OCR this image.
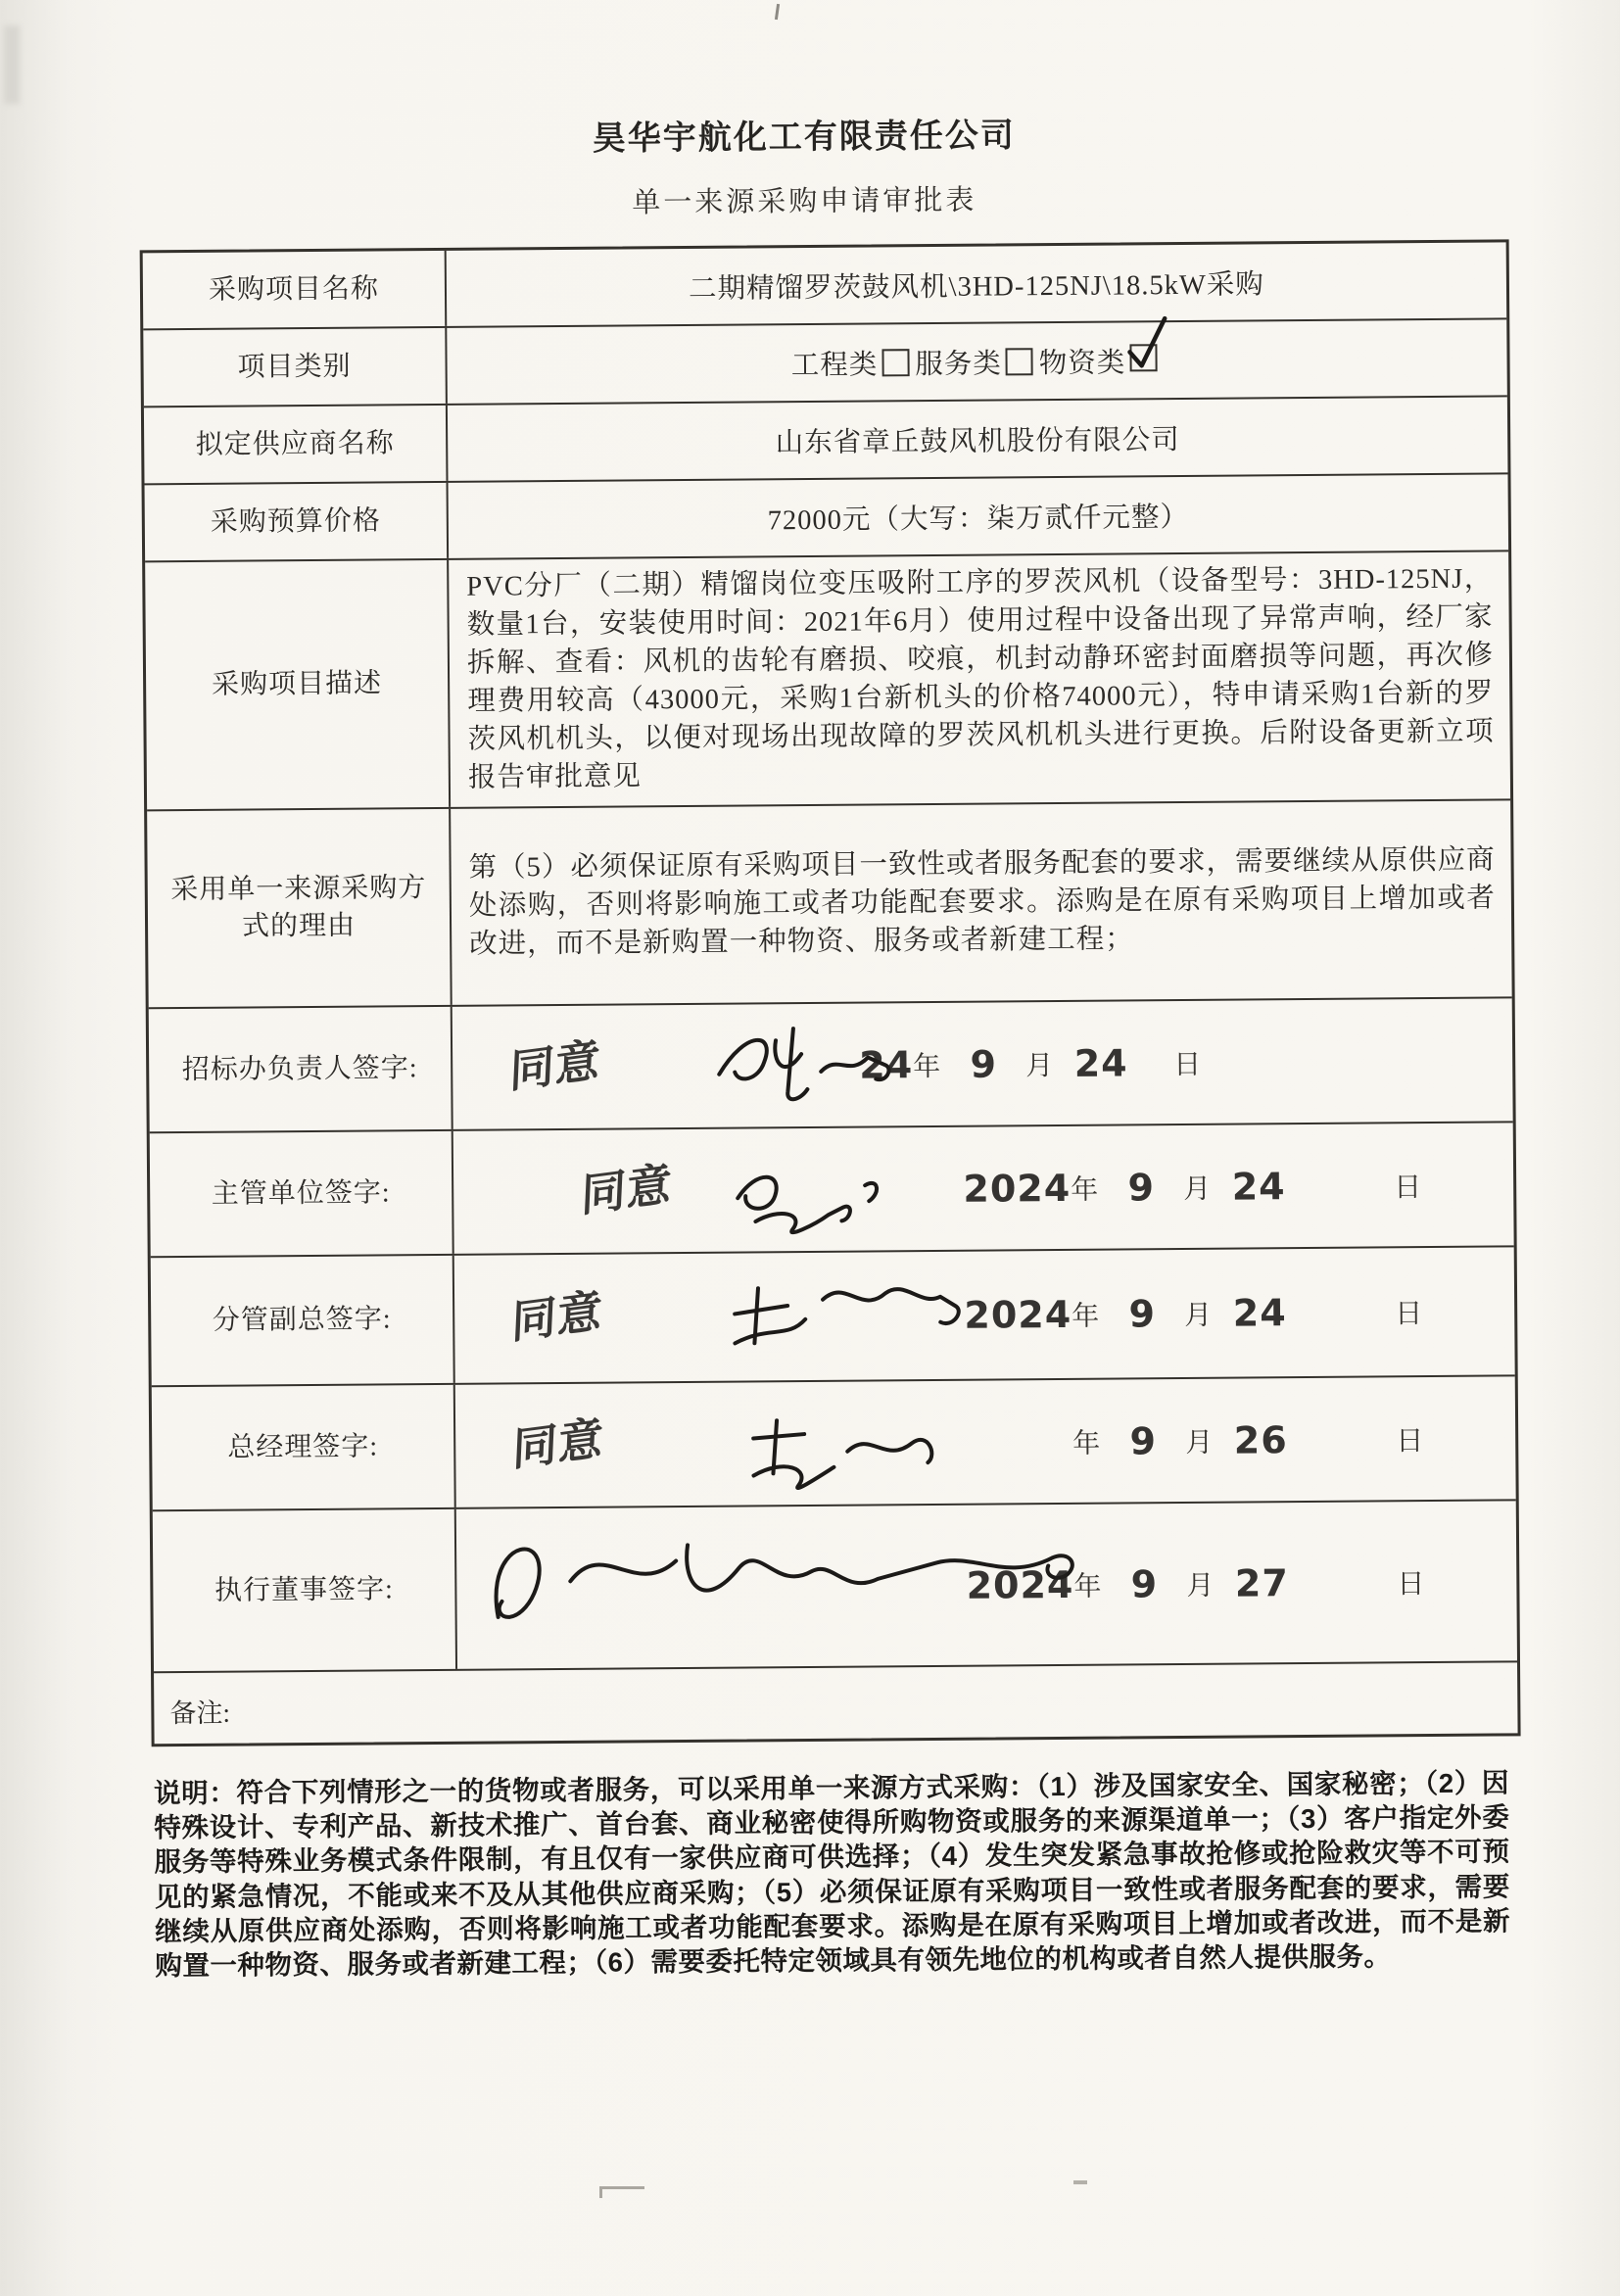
昊华宇航化工有限责任公司
单一来源采购申请审批表
采购项目名称	二期精馏罗茨鼓风机\3HD-125NJ\18.5kW采购
项目类别	工程类 服务类 物资类
拟定供应商名称	山东省章丘鼓风机股份有限公司
采购预算价格	72000元（大写：柒万贰仟元整）
采购项目描述
PVC分厂（二期）精馏岗位变压吸附工序的罗茨风机（设备型号：3HD-125NJ，数量1台，安装使用时间：2021年6月）使用过程中设备出现了异常声响，经厂家拆解、查看：风机的齿轮有磨损、咬痕，机封动静环密封面磨损等问题，再次修理费用较高（43000元，采购1台新机头的价格74000元），特申请采购1台新的罗茨风机机头，以便对现场出现故障的罗茨风机机头进行更换。后附设备更新立项报告审批意见
采用单一来源采购方式的理由
第（5）必须保证原有采购项目一致性或者服务配套的要求，需要继续从原供应商处添购，否则将影响施工或者功能配套要求。添购是在原有采购项目上增加或者改进，而不是新购置一种物资、服务或者新建工程；
招标办负责人签字:	同意	24 年 9	月 24	日
主管单位签字:	同意	2024 年 9	月 24	日
分管副总签字:	同意	2024 年 9	月 24	日
总经理签字:	同意	年 9	月 26	日
执行董事签字:	2024 年 9	月 27	日
备注:
说明：符合下列情形之一的货物或者服务，可以采用单一来源方式采购：（1）涉及国家安全、国家秘密；（2）因特殊设计、专利产品、新技术推广、首台套、商业秘密使得所购物资或服务的来源渠道单一；（3）客户指定外委服务等特殊业务模式条件限制，有且仅有一家供应商可供选择；（4）发生突发紧急事故抢修或抢险救灾等不可预见的紧急情况，不能或来不及从其他供应商采购；（5）必须保证原有采购项目一致性或者服务配套的要求，需要继续从原供应商处添购，否则将影响施工或者功能配套要求。添购是在原有采购项目上增加或者改进，而不是新购置一种物资、服务或者新建工程；（6）需要委托特定领域具有领先地位的机构或者自然人提供服务。
